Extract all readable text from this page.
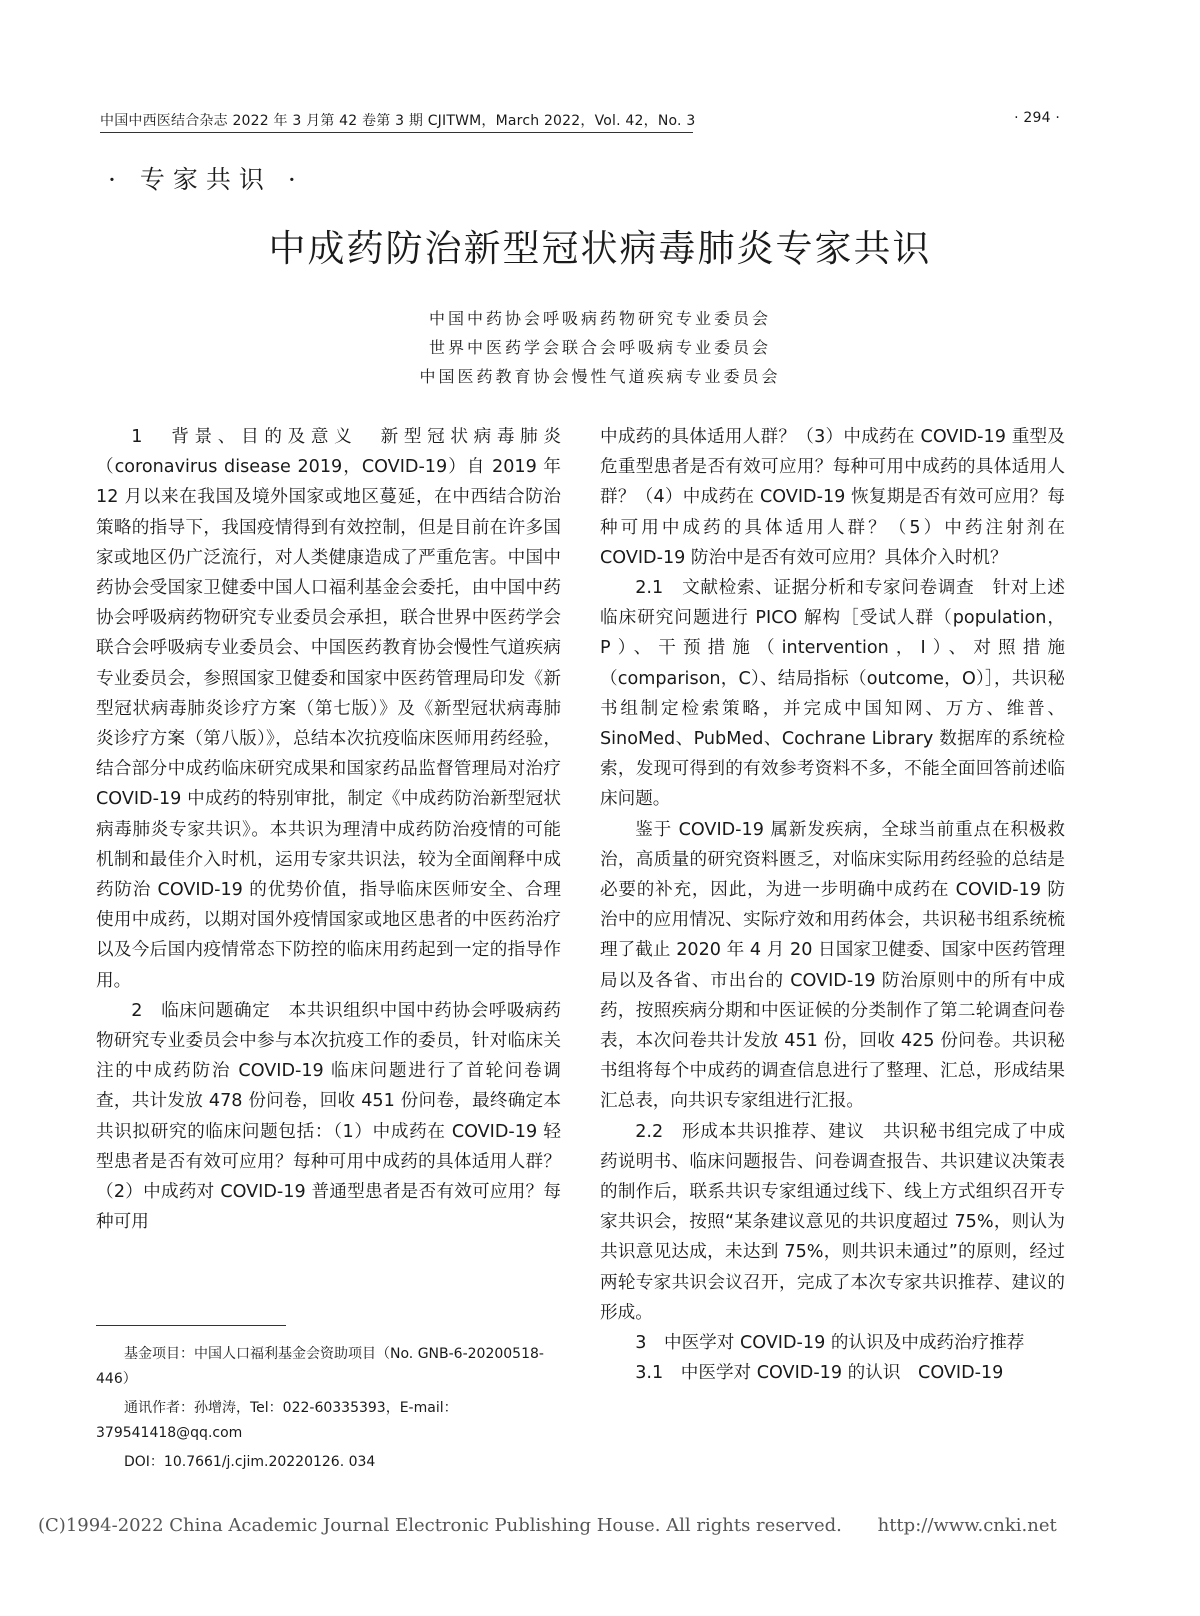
中国中西医结合杂志 2022 年 3 月第 42 卷第 3 期 CJITWM，March 2022，Vol. 42，No. 3	· 294 ·
· 专家共识 ·
中成药防治新型冠状病毒肺炎专家共识
中国中药协会呼吸病药物研究专业委员会
世界中医药学会联合会呼吸病专业委员会
中国医药教育协会慢性气道疾病专业委员会

1　背景、目的及意义　新型冠状病毒肺炎（coronavirus disease 2019，COVID-19）自 2019 年 12 月以来在我国及境外国家或地区蔓延，在中西结合防治策略的指导下，我国疫情得到有效控制，但是目前在许多国家或地区仍广泛流行，对人类健康造成了严重危害。中国中药协会受国家卫健委中国人口福利基金会委托，由中国中药协会呼吸病药物研究专业委员会承担，联合世界中医药学会联合会呼吸病专业委员会、中国医药教育协会慢性气道疾病专业委员会，参照国家卫健委和国家中医药管理局印发《新型冠状病毒肺炎诊疗方案（第七版）》及《新型冠状病毒肺炎诊疗方案（第八版）》，总结本次抗疫临床医师用药经验，结合部分中成药临床研究成果和国家药品监督管理局对治疗 COVID-19 中成药的特别审批，制定《中成药防治新型冠状病毒肺炎专家共识》。本共识为理清中成药防治疫情的可能机制和最佳介入时机，运用专家共识法，较为全面阐释中成药防治 COVID-19 的优势价值，指导临床医师安全、合理使用中成药，以期对国外疫情国家或地区患者的中医药治疗以及今后国内疫情常态下防控的临床用药起到一定的指导作用。

2　临床问题确定　本共识组织中国中药协会呼吸病药物研究专业委员会中参与本次抗疫工作的委员，针对临床关注的中成药防治 COVID-19 临床问题进行了首轮问卷调查，共计发放 478 份问卷，回收 451 份问卷，最终确定本共识拟研究的临床问题包括：（1）中成药在 COVID-19 轻型患者是否有效可应用？每种可用中成药的具体适用人群？（2）中成药对 COVID-19 普通型患者是否有效可应用？每种可用

中成药的具体适用人群？（3）中成药在 COVID-19 重型及危重型患者是否有效可应用？每种可用中成药的具体适用人群？（4）中成药在 COVID-19 恢复期是否有效可应用？每种可用中成药的具体适用人群？（5）中药注射剂在 COVID-19 防治中是否有效可应用？具体介入时机？

2.1　文献检索、证据分析和专家问卷调查　针对上述临床研究问题进行 PICO 解构［受试人群（population，P）、干预措施（intervention，I）、对照措施（comparison，C）、结局指标（outcome，O）］，共识秘书组制定检索策略，并完成中国知网、万方、维普、SinoMed、PubMed、Cochrane Library 数据库的系统检索，发现可得到的有效参考资料不多，不能全面回答前述临床问题。

鉴于 COVID-19 属新发疾病，全球当前重点在积极救治，高质量的研究资料匮乏，对临床实际用药经验的总结是必要的补充，因此，为进一步明确中成药在 COVID-19 防治中的应用情况、实际疗效和用药体会，共识秘书组系统梳理了截止 2020 年 4 月 20 日国家卫健委、国家中医药管理局以及各省、市出台的 COVID-19 防治原则中的所有中成药，按照疾病分期和中医证候的分类制作了第二轮调查问卷表，本次问卷共计发放 451 份，回收 425 份问卷。共识秘书组将每个中成药的调查信息进行了整理、汇总，形成结果汇总表，向共识专家组进行汇报。

2.2　形成本共识推荐、建议　共识秘书组完成了中成药说明书、临床问题报告、问卷调查报告、共识建议决策表的制作后，联系共识专家组通过线下、线上方式组织召开专家共识会，按照“某条建议意见的共识度超过 75%，则认为共识意见达成，未达到 75%，则共识未通过”的原则，经过两轮专家共识会议召开，完成了本次专家共识推荐、建议的形成。

3　中医学对 COVID-19 的认识及中成药治疗推荐

3.1　中医学对 COVID-19 的认识　COVID-19

基金项目：中国人口福利基金会资助项目（No. GNB-6-20200518-446）

通讯作者：孙增涛，Tel：022-60335393，E-mail：379541418@qq.com

DOI：10.7661/j.cjim.20220126. 034

(C)1994-2022 China Academic Journal Electronic Publishing House. All rights reserved. http://www.cnki.net
